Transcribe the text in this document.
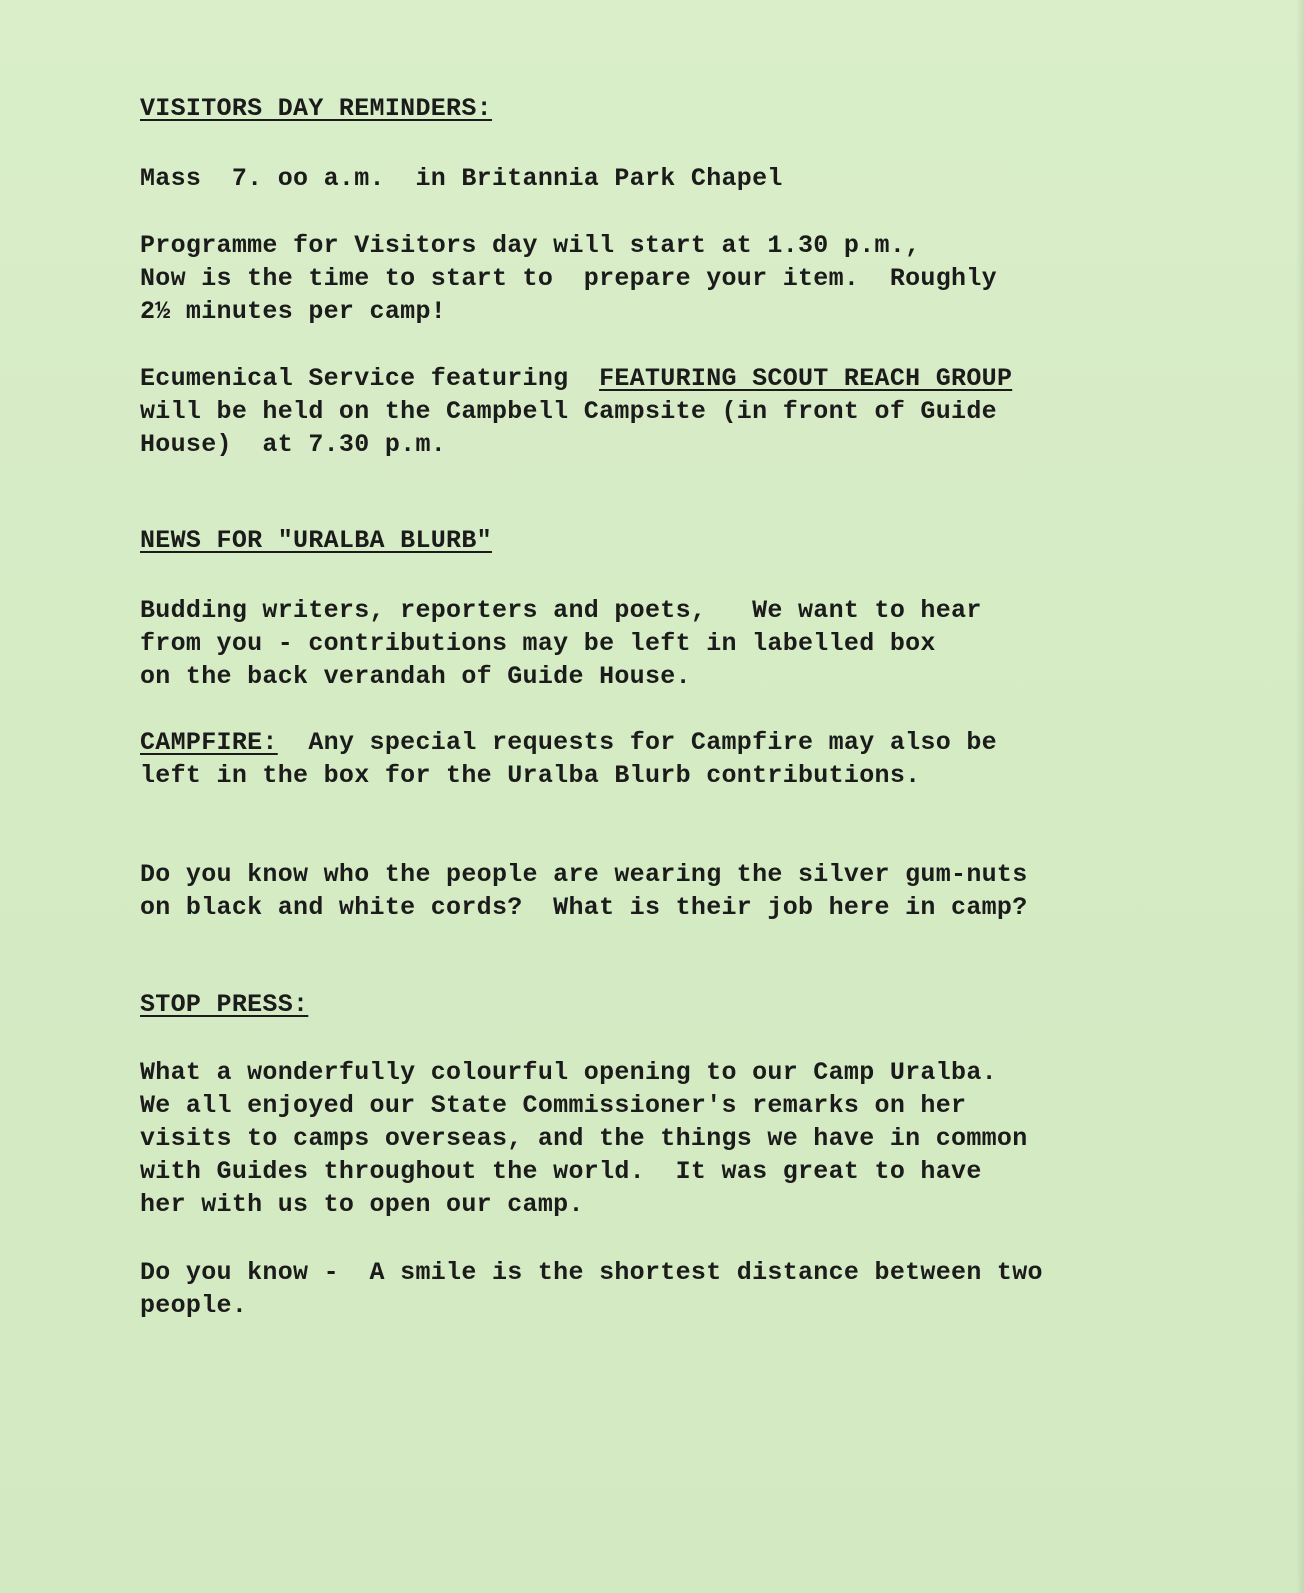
VISITORS DAY REMINDERS:
Mass  7. oo a.m.  in Britannia Park Chapel
Programme for Visitors day will start at 1.30 p.m.,
Now is the time to start to  prepare your item.  Roughly
2½ minutes per camp!
Ecumenical Service featuring  FEATURING SCOUT REACH GROUP
will be held on the Campbell Campsite (in front of Guide
House)  at 7.30 p.m.
NEWS FOR "URALBA BLURB"
Budding writers, reporters and poets,   We want to hear
from you - contributions may be left in labelled box
on the back verandah of Guide House.
CAMPFIRE:  Any special requests for Campfire may also be
left in the box for the Uralba Blurb contributions.
Do you know who the people are wearing the silver gum-nuts
on black and white cords?  What is their job here in camp?
STOP PRESS:
What a wonderfully colourful opening to our Camp Uralba.
We all enjoyed our State Commissioner's remarks on her
visits to camps overseas, and the things we have in common
with Guides throughout the world.  It was great to have
her with us to open our camp.
Do you know -  A smile is the shortest distance between two
people.
